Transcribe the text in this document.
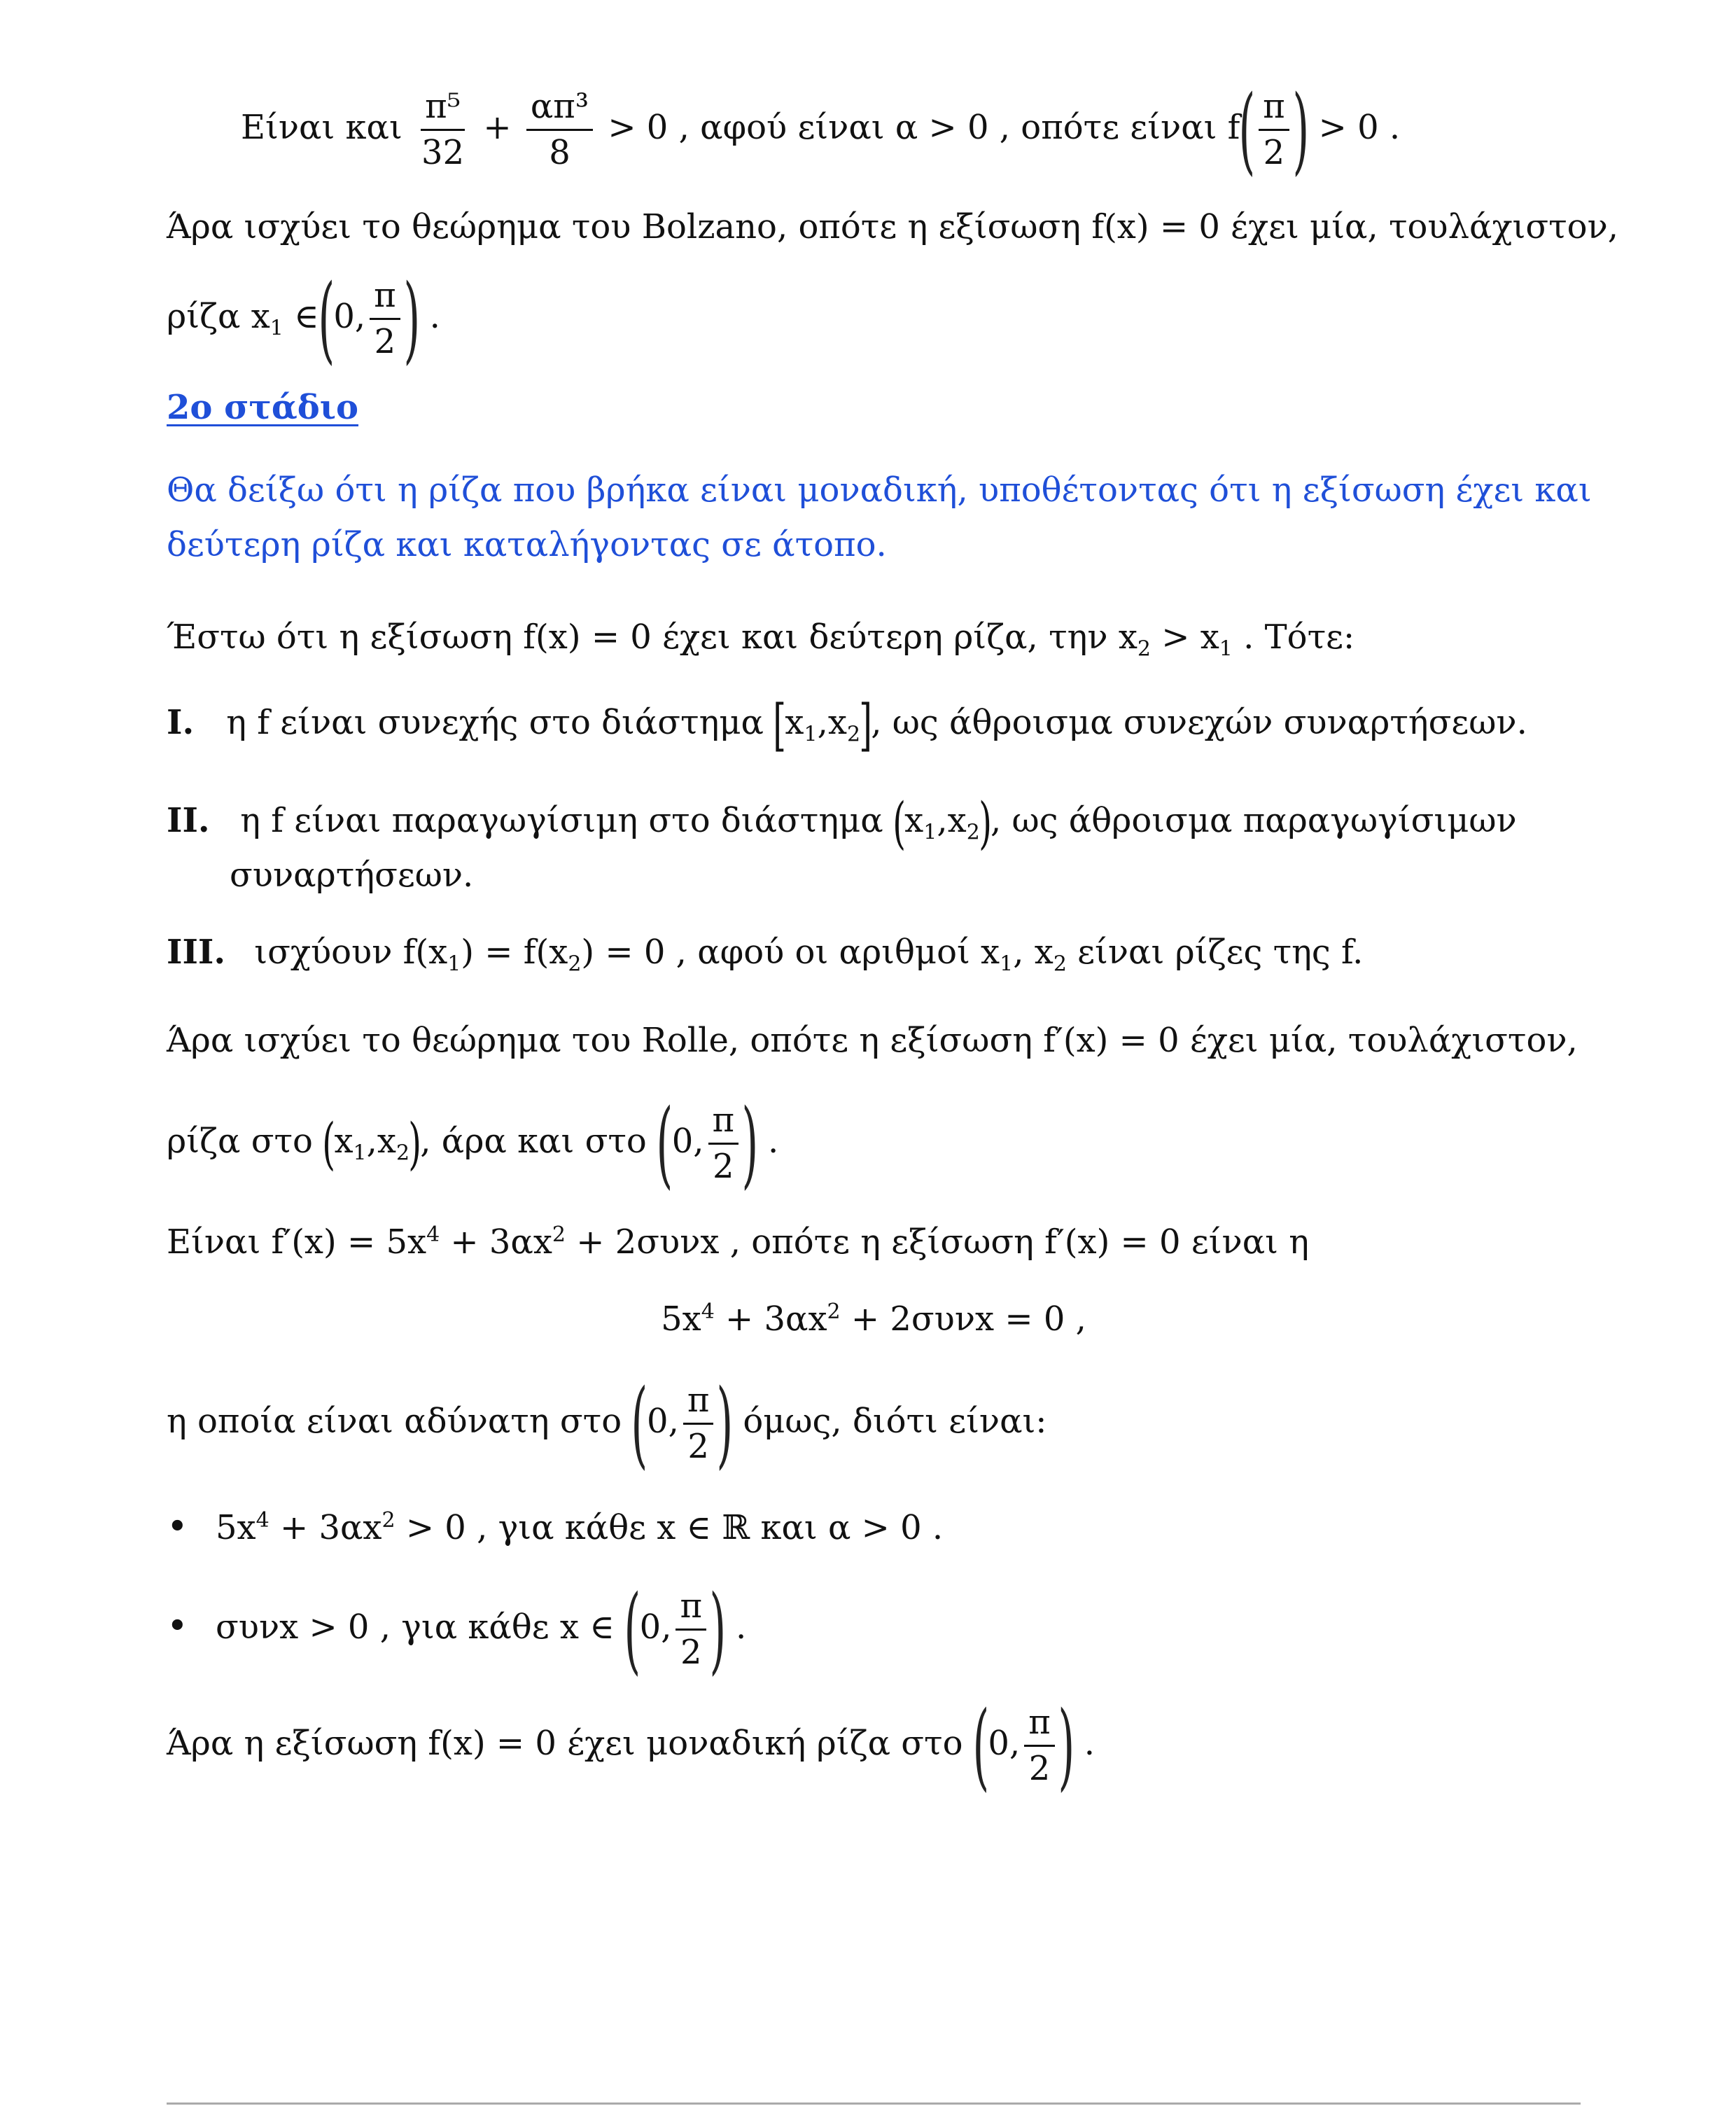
Είναι και $\frac{\text{π⁵}}{32} + \frac{\text{απ³}}{8} > 0$ , αφού είναι α > 0 , οπότε είναι $f( \frac{\pi}{2}$ ) > 0 .
Άρα ισχύει το θεώρημα του Bolzano, οπότε η εξίσωση f(x) = 0 έχει μία, τουλάχιστον,
ρίζα $x_1$ ∈(0, $\frac{\pi}{2}$ ) .
2ο στάδιο
Θα δείξω ότι η ρίζα που βρήκα είναι μοναδική, υποθέτοντας ότι η εξίσωση έχει και
δεύτερη ρίζα και καταλήγοντας σε άτοπο.
Έστω ότι η εξίσωση f(x) = 0 έχει και δεύτερη ρίζα, την $x_2 > x_1$ . Τότε:
I. η f είναι συνεχής στο διάστημα $[x_1,x_2]$, ως άθροισμα συνεχών συναρτήσεων.
II. η f είναι παραγωγίσιμη στο διάστημα $(x_1,x_2)$, ως άθροισμα παραγωγίσιμων
συναρτήσεων.
III. ισχύουν $f(x_1) = f(x_2) = 0$ , αφού οι αριθμοί $x_1$, $x_2$ είναι ρίζες της f.
Άρα ισχύει το θεώρημα του Rolle, οπότε η εξίσωση f′(x) = 0 έχει μία, τουλάχιστον,
ρίζα στο $(x_1,x_2)$, άρα και στο (0, $\frac{\pi}{2}$ ) .
Είναι $f'(x) = 5x^4 + 3\alpha x^2 + 2\sigma\upsilon\nu x$ , οπότε η εξίσωση f′(x) = 0 είναι η
$5x^4 + 3\alpha x^2 + 2\sigma\upsilon\nu x = 0$ ,
η οποία είναι αδύνατη στο (0, $\frac{\pi}{2}$ ) όμως, διότι είναι:
• $5x^4 + 3\alpha x^2 > 0$ , για κάθε x ∈ ℝ και α > 0 .
• συνx > 0 , για κάθε x ∈ (0, $\frac{\pi}{2}$ ) .
Άρα η εξίσωση f(x) = 0 έχει μοναδική ρίζα στο (0, $\frac{\pi}{2}$ ) .
